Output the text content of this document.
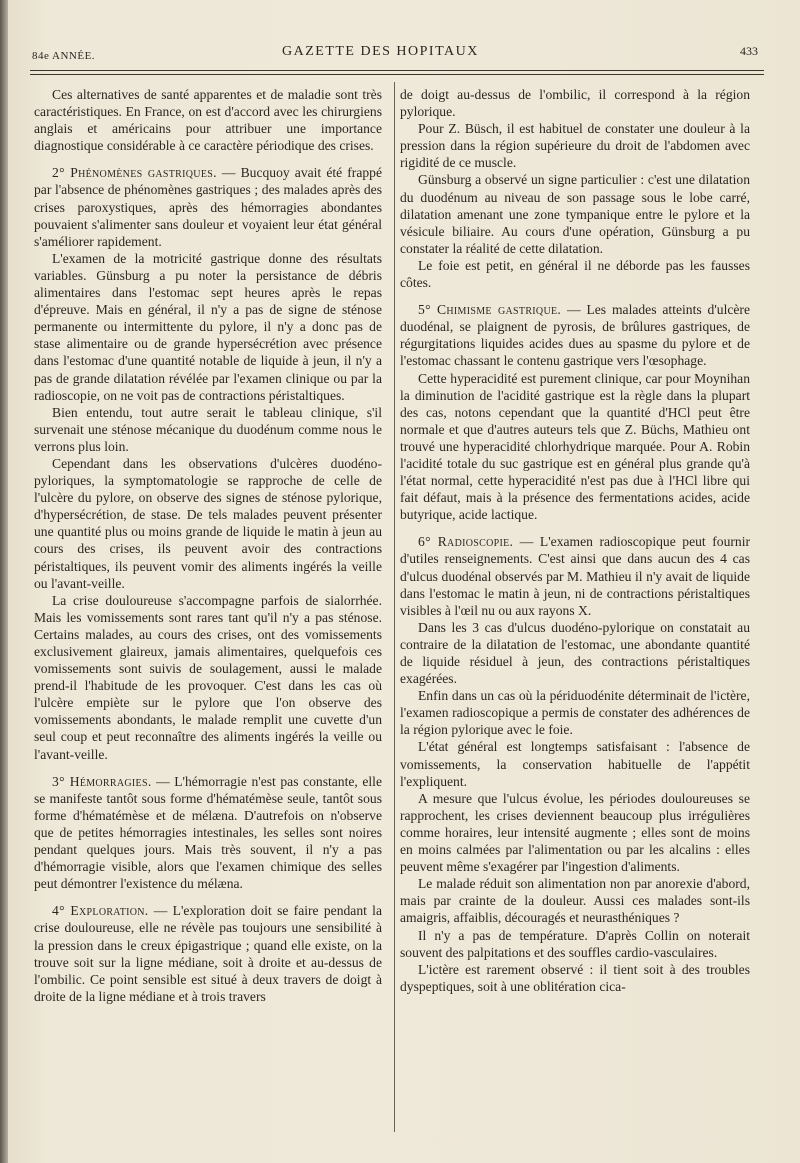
84e ANNÉE.	GAZETTE DES HOPITAUX	433

Ces alternatives de santé apparentes et de maladie sont très caractéristiques. En France, on est d'accord avec les chirurgiens anglais et américains pour attribuer une importance diagnostique considérable à ce caractère périodique des crises.

2° Phénomènes gastriques. — Bucquoy avait été frappé par l'absence de phénomènes gastriques ; des malades après des crises paroxystiques, après des hémorragies abondantes pouvaient s'alimenter sans douleur et voyaient leur état général s'améliorer rapidement.

L'examen de la motricité gastrique donne des résultats variables. Günsburg a pu noter la persistance de débris alimentaires dans l'estomac sept heures après le repas d'épreuve. Mais en général, il n'y a pas de signe de sténose permanente ou intermittente du pylore, il n'y a donc pas de stase alimentaire ou de grande hypersécrétion avec présence dans l'estomac d'une quantité notable de liquide à jeun, il n'y a pas de grande dilatation révélée par l'examen clinique ou par la radioscopie, on ne voit pas de contractions péristaltiques.

Bien entendu, tout autre serait le tableau clinique, s'il survenait une sténose mécanique du duodénum comme nous le verrons plus loin.

Cependant dans les observations d'ulcères duodéno-pyloriques, la symptomatologie se rapproche de celle de l'ulcère du pylore, on observe des signes de sténose pylorique, d'hypersécrétion, de stase. De tels malades peuvent présenter une quantité plus ou moins grande de liquide le matin à jeun au cours des crises, ils peuvent avoir des contractions péristaltiques, ils peuvent vomir des aliments ingérés la veille ou l'avant-veille.

La crise douloureuse s'accompagne parfois de sialorrhée. Mais les vomissements sont rares tant qu'il n'y a pas sténose. Certains malades, au cours des crises, ont des vomissements exclusivement glaireux, jamais alimentaires, quelquefois ces vomissements sont suivis de soulagement, aussi le malade prend-il l'habitude de les provoquer. C'est dans les cas où l'ulcère empiète sur le pylore que l'on observe des vomissements abondants, le malade remplit une cuvette d'un seul coup et peut reconnaître des aliments ingérés la veille ou l'avant-veille.

3° Hémorragies. — L'hémorragie n'est pas constante, elle se manifeste tantôt sous forme d'hématémèse seule, tantôt sous forme d'hématémèse et de mélæna. D'autrefois on n'observe que de petites hémorragies intestinales, les selles sont noires pendant quelques jours. Mais très souvent, il n'y a pas d'hémorragie visible, alors que l'examen chimique des selles peut démontrer l'existence du mélæna.

4° Exploration. — L'exploration doit se faire pendant la crise douloureuse, elle ne révèle pas toujours une sensibilité à la pression dans le creux épigastrique ; quand elle existe, on la trouve soit sur la ligne médiane, soit à droite et au-dessus de l'ombilic. Ce point sensible est situé à deux travers de doigt à droite de la ligne médiane et à trois travers

de doigt au-dessus de l'ombilic, il correspond à la région pylorique.

Pour Z. Büsch, il est habituel de constater une douleur à la pression dans la région supérieure du droit de l'abdomen avec rigidité de ce muscle.

Günsburg a observé un signe particulier : c'est une dilatation du duodénum au niveau de son passage sous le lobe carré, dilatation amenant une zone tympanique entre le pylore et la vésicule biliaire. Au cours d'une opération, Günsburg a pu constater la réalité de cette dilatation.

Le foie est petit, en général il ne déborde pas les fausses côtes.

5° Chimisme gastrique. — Les malades atteints d'ulcère duodénal, se plaignent de pyrosis, de brûlures gastriques, de régurgitations liquides acides dues au spasme du pylore et de l'estomac chassant le contenu gastrique vers l'œsophage.

Cette hyperacidité est purement clinique, car pour Moynihan la diminution de l'acidité gastrique est la règle dans la plupart des cas, notons cependant que la quantité d'HCl peut être normale et que d'autres auteurs tels que Z. Büchs, Mathieu ont trouvé une hyperacidité chlorhydrique marquée. Pour A. Robin l'acidité totale du suc gastrique est en général plus grande qu'à l'état normal, cette hyperacidité n'est pas due à l'HCl libre qui fait défaut, mais à la présence des fermentations acides, acide butyrique, acide lactique.

6° Radioscopie. — L'examen radioscopique peut fournir d'utiles renseignements. C'est ainsi que dans aucun des 4 cas d'ulcus duodénal observés par M. Mathieu il n'y avait de liquide dans l'estomac le matin à jeun, ni de contractions péristaltiques visibles à l'œil nu ou aux rayons X.

Dans les 3 cas d'ulcus duodéno-pylorique on constatait au contraire de la dilatation de l'estomac, une abondante quantité de liquide résiduel à jeun, des contractions péristaltiques exagérées.

Enfin dans un cas où la périduodénite déterminait de l'ictère, l'examen radioscopique a permis de constater des adhérences de la région pylorique avec le foie.

L'état général est longtemps satisfaisant : l'absence de vomissements, la conservation habituelle de l'appétit l'expliquent.

A mesure que l'ulcus évolue, les périodes douloureuses se rapprochent, les crises deviennent beaucoup plus irrégulières comme horaires, leur intensité augmente ; elles sont de moins en moins calmées par l'alimentation ou par les alcalins : elles peuvent même s'exagérer par l'ingestion d'aliments.

Le malade réduit son alimentation non par anorexie d'abord, mais par crainte de la douleur. Aussi ces malades sont-ils amaigris, affaiblis, découragés et neurasthéniques ?

Il n'y a pas de température. D'après Collin on noterait souvent des palpitations et des souffles cardio-vasculaires.

L'ictère est rarement observé : il tient soit à des troubles dyspeptiques, soit à une oblitération cica-
